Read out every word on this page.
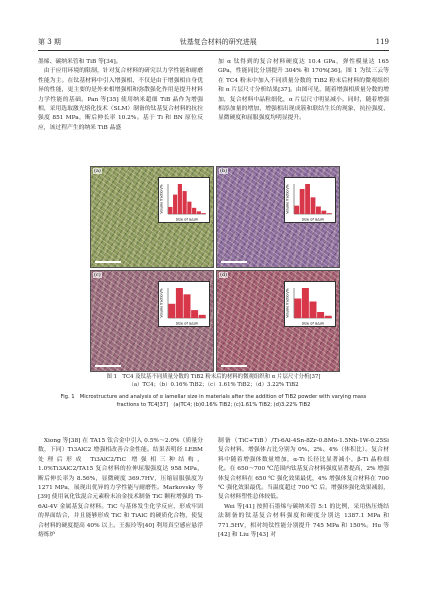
第 3 期	钛基复合材料的研究进展	119

墨烯、碳纳米管和 TiB 等[34]。

　由于应用环境的限制，针对复合材料的研究以力学性能和耐磨性能为主。在钛基材料中引入增强相，不仅是由于增强相自身优异的性能，更主要的是外来相增强相和弥散强化作用是提升材料力学性能的基础。Pan 等[35] 使用纳米超细 TiB 晶作为增强相，采用选取激光熔化技术（SLM）制备的钛基复合材料的抗拉强度 851 MPa，断后伸长率 10.2%。基于 Ti 和 BN 原位反应，该过程产生的纳米 TiB 晶盛

加 α 钛得到的复合材料硬度达 10.4 GPa，弹性模量达 165 GPa，性能同比分别提升 304% 和 170%[36]。图 1 为钛三云等在 TC4 粉末中加入不同质量分数的 TiB2 粉末后材料的微观组织和 α 片层尺寸分析结果[37]。由图可见，随着增强相质量分数的增加，复合材料中晶粒细化，α 片层尺寸明显减小。同时，随着增强相添加量的增加，增强相出现成簇和联结生长的现象，抗拉强度、显微硬度和屈服强度均明显提升。

(a)
Size of α/μm
Volume fraction/%
(b)
Size of α/μm
Volume fraction/%
(c)
Size of α/μm
Volume fraction/%
(d)
Size of α/μm
Volume fraction/%
图 1　TC4 及钛基不同质量分数的 TiB2 粉末后的材料的微观组织和 α 片层尺寸分析[37]
（a）TC4；（b）0.16% TiB2；（c）1.61% TiB2；（d）3.22% TiB2
Fig. 1　Microstructure and analysis of α lamellar size in materials after the addition of TiB2 powder with varying mass
fractions to TC4[37]　(a)TC4; (b)0.16% TiB2; (c)1.61% TiB2; (d)3.22% TiB2

　Xiong 等[38] 在 TA15 钛合金中引入 0.5%～2.0%（质量分数，下同）Ti3AlC2 增强相改善合金性能。结果表明经 LEBM 处理后形成 Ti3AlC2/TiC 增强相三种结构，1.0%Ti3AlC2/TA15 复合材料的拉伸屈服强度达 958 MPa，断后伸长率为 8.56%，显微硬度 369.7HV，压缩屈服强度为 1271 MPa，展现出优异的力学性能与耐磨性。Markovsky 等[39] 使用氧化钛混合元素粉末冶金技术制备 TiC 颗粒增强的 Ti-6Al-4V 金属基复合材料。TiC 与基体发生化学反应，形成牢固的界面结合，并且能够形成 TiC 和 TiAlC 的硬质化合物，使复合材料的硬度提高 40% 以上。王振玲等[40] 利用真空感应悬浮熔炼炉

制备（TiC+TiB）/Ti-6Al-4Sn-8Zr-0.8Mo-1.5Nb-1W-0.25Si 复合材料，增强体占比分别为 0%、2%、4%（体积比）。复合材料中随着增强体数量增加，α-Ti 长径比显著减小，β-Ti 晶粒细化。在 650～700 ℃范围内钛基复合材料强度显著提高，2% 增强体复合材料在 650 ℃ 强化效果最优，4% 增强体复合材料在 700 ℃ 强化效果最优。当温度超过 700 ℃ 后，增强体强化效果减弱，复合材料塑性总体较低。

　Wei 等[41] 按照石墨烯与碳纳米管 5:1 的比例，采用热压烧结法制备的钛基复合材料强度和硬度分别达 1387.1 MPa 和 771.5HV，相对纯钛性能分别提升 745 MPa 和 150%。Hu 等[42] 和 Liu 等[43] 对
